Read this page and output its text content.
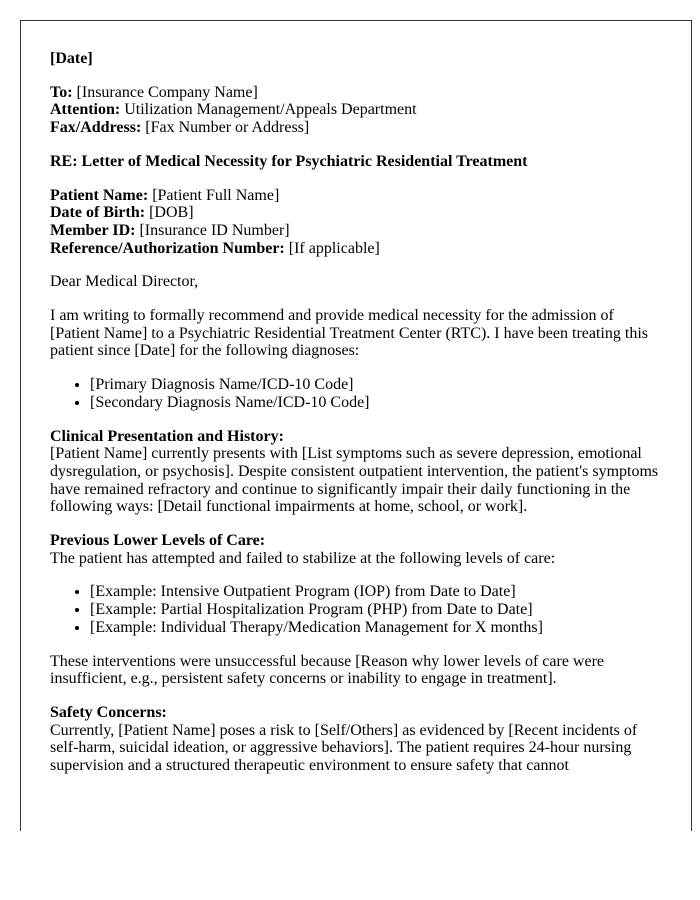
[Date]

To: [Insurance Company Name]
Attention: Utilization Management/Appeals Department
Fax/Address: [Fax Number or Address]

RE: Letter of Medical Necessity for Psychiatric Residential Treatment

Patient Name: [Patient Full Name]
Date of Birth: [DOB]
Member ID: [Insurance ID Number]
Reference/Authorization Number: [If applicable]

Dear Medical Director,

I am writing to formally recommend and provide medical necessity for the admission of [Patient Name] to a Psychiatric Residential Treatment Center (RTC). I have been treating this patient since [Date] for the following diagnoses:

• [Primary Diagnosis Name/ICD-10 Code]
• [Secondary Diagnosis Name/ICD-10 Code]

Clinical Presentation and History:
[Patient Name] currently presents with [List symptoms such as severe depression, emotional dysregulation, or psychosis]. Despite consistent outpatient intervention, the patient's symptoms have remained refractory and continue to significantly impair their daily functioning in the following ways: [Detail functional impairments at home, school, or work].

Previous Lower Levels of Care:
The patient has attempted and failed to stabilize at the following levels of care:

• [Example: Intensive Outpatient Program (IOP) from Date to Date]
• [Example: Partial Hospitalization Program (PHP) from Date to Date]
• [Example: Individual Therapy/Medication Management for X months]

These interventions were unsuccessful because [Reason why lower levels of care were insufficient, e.g., persistent safety concerns or inability to engage in treatment].

Safety Concerns:
Currently, [Patient Name] poses a risk to [Self/Others] as evidenced by [Recent incidents of self-harm, suicidal ideation, or aggressive behaviors]. The patient requires 24-hour nursing supervision and a structured therapeutic environment to ensure safety that cannot
